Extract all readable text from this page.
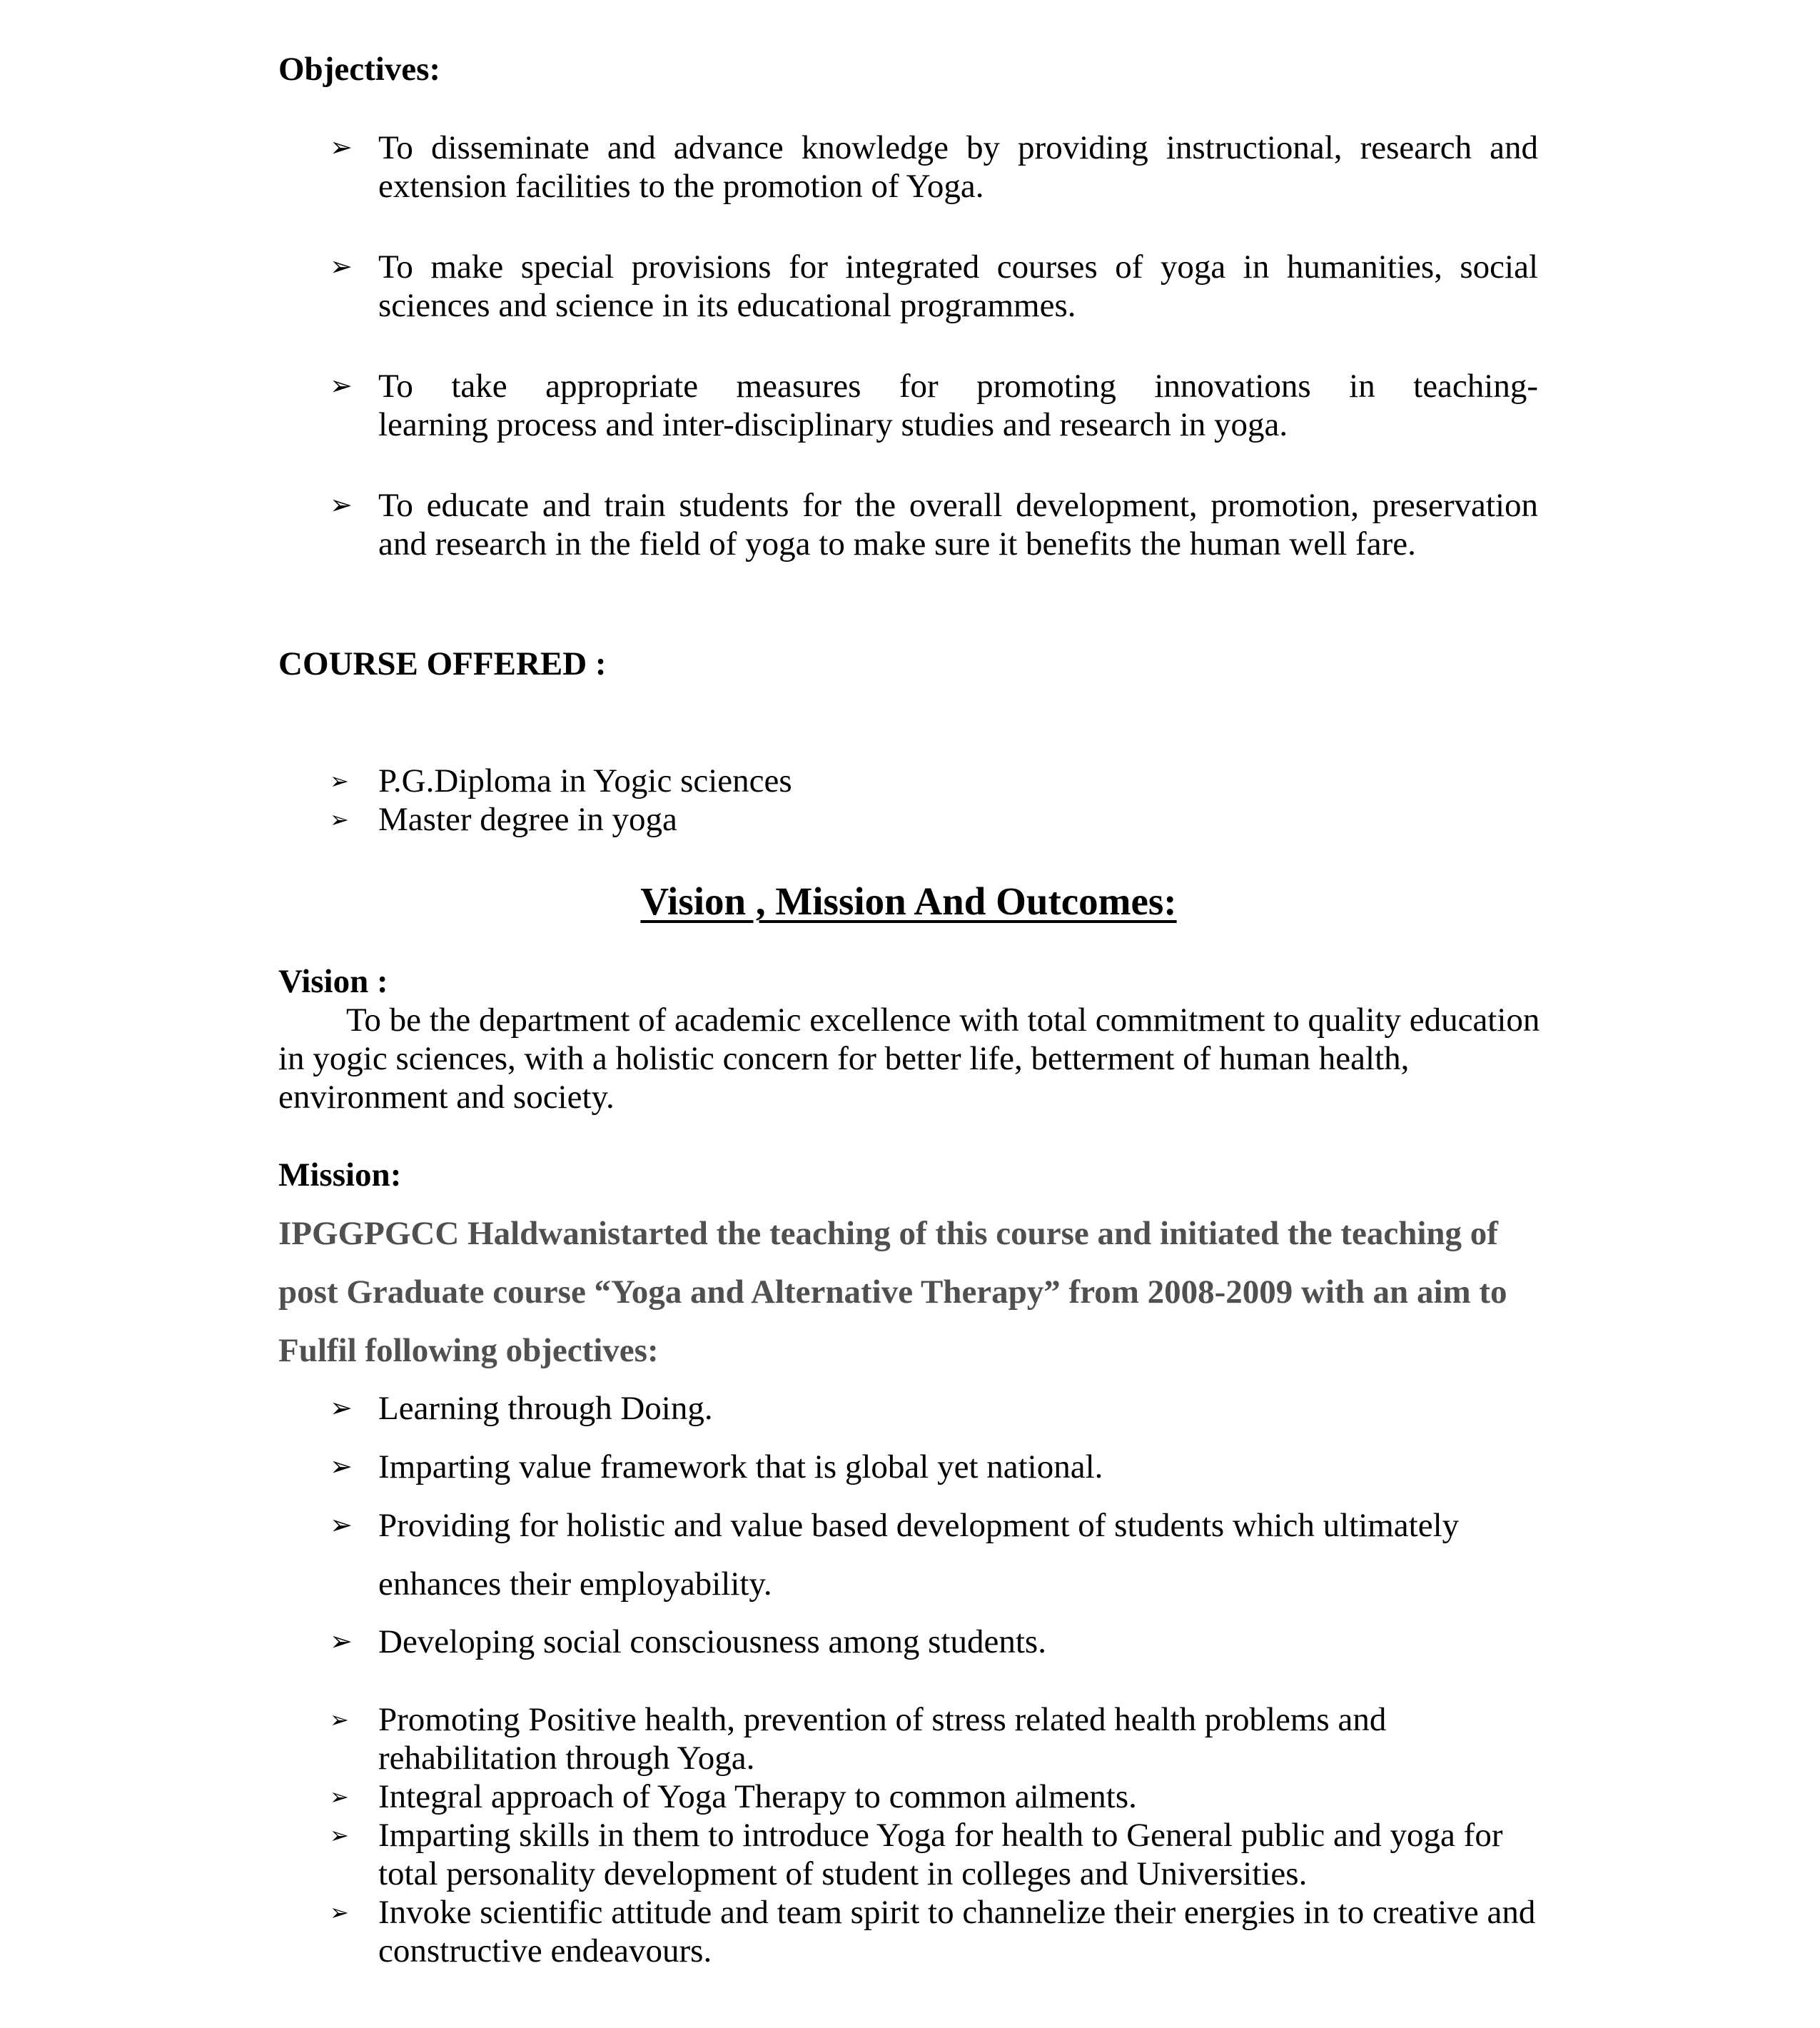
Objectives:

➢ To disseminate and advance knowledge by providing instructional, research and

extension facilities to the promotion of Yoga.

➢ To make special provisions for integrated courses of yoga in humanities, social

sciences and science in its educational programmes.

➢ To take appropriate measures for promoting innovations in teaching-

learning process and inter-disciplinary studies and research in yoga.

➢ To educate and train students for the overall development, promotion, preservation

and research in the field of yoga to make sure it benefits the human well fare.

COURSE OFFERED :

➢ P.G.Diploma in Yogic sciences

➢ Master degree in yoga

Vision , Mission And Outcomes:

Vision :

To be the department of academic excellence with total commitment to quality education

in yogic sciences, with a holistic concern for better life, betterment of human health,

environment and society.

Mission:

IPGGPGCC Haldwanistarted the teaching of this course and initiated the teaching of

post Graduate course “Yoga and Alternative Therapy” from 2008-2009 with an aim to

Fulfil following objectives:

➢ Learning through Doing.

➢ Imparting value framework that is global yet national.

➢ Providing for holistic and value based development of students which ultimately

enhances their employability.

➢ Developing social consciousness among students.

➢ Promoting Positive health, prevention of stress related health problems and

rehabilitation through Yoga.

➢ Integral approach of Yoga Therapy to common ailments.

➢ Imparting skills in them to introduce Yoga for health to General public and yoga for

total personality development of student in colleges and Universities.

➢ Invoke scientific attitude and team spirit to channelize their energies in to creative and

constructive endeavours.
